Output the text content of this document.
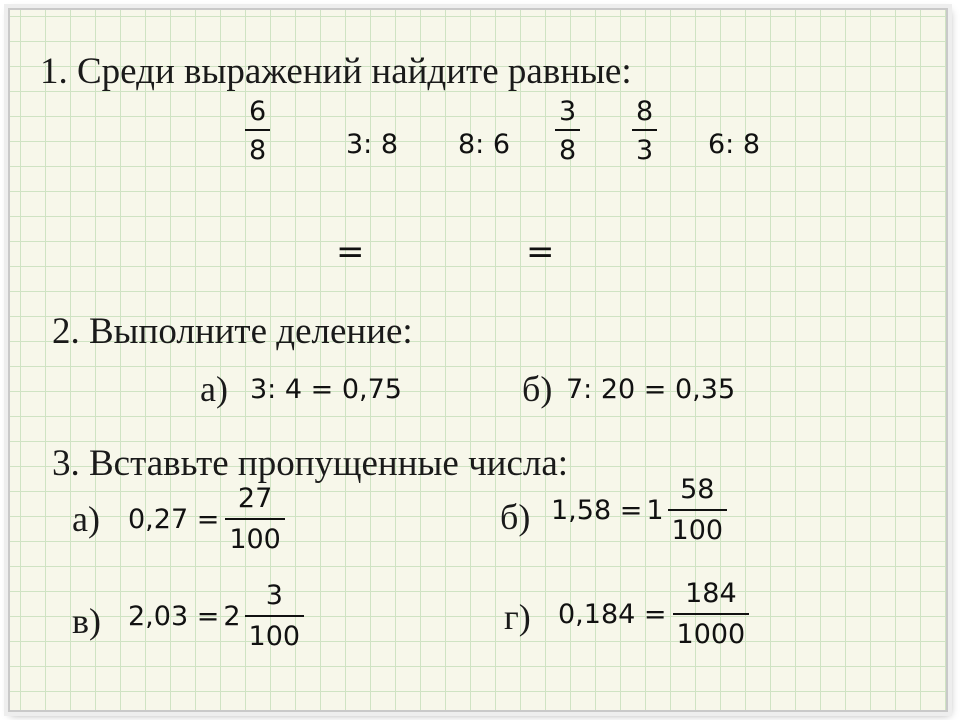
1. Среди выражений найдите равные:
$\frac{6}{8}$	3: 8 8: $6 \frac{3}{8} \frac{8}{3} 6$: 8
=	=
2. Выполните деление:
а) 3: 4 = 0,75	б) 7: 20 = 0,35
3. Вставьте пропущенные числа:
а) $0,27 = \frac{27}{100}$	б) $1,58 = 1 \frac{58}{100}$
в) $2,03 = 2 \frac{3}{100}$	г) $0,184 = \frac{184}{1000}$
